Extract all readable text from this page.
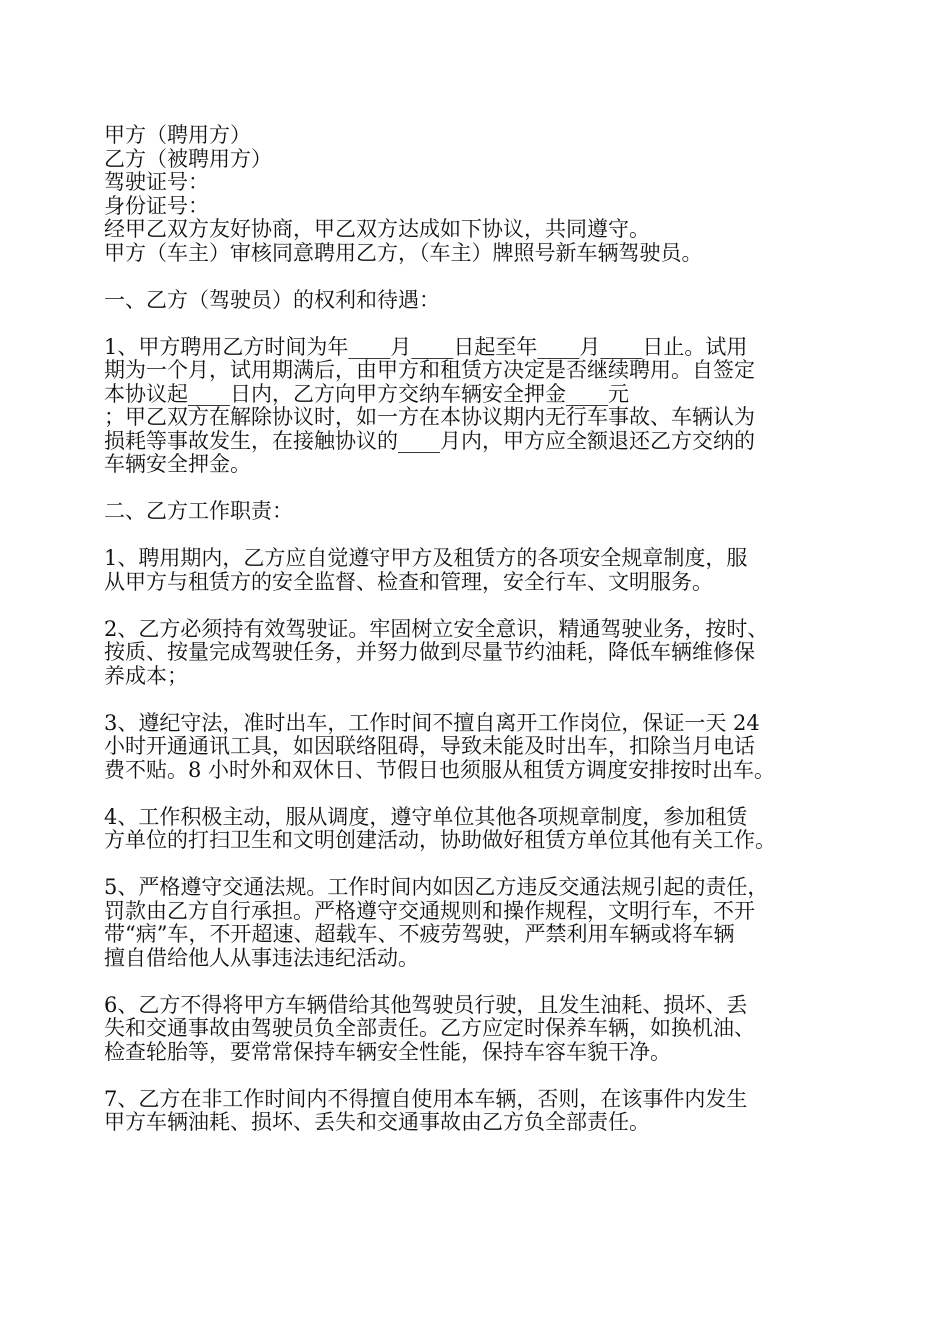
甲方（聘用方）
乙方（被聘用方）
驾驶证号：
身份证号：
经甲乙双方友好协商，甲乙双方达成如下协议，共同遵守。
甲方（车主）审核同意聘用乙方，（车主）牌照号新车辆驾驶员。
一、乙方（驾驶员）的权利和待遇：
1、甲方聘用乙方时间为年____月____日起至年____月____日止。试用
期为一个月，试用期满后，由甲方和租赁方决定是否继续聘用。自签定
本协议起____日内，乙方向甲方交纳车辆安全押金____元
；甲乙双方在解除协议时，如一方在本协议期内无行车事故、车辆认为
损耗等事故发生，在接触协议的____月内，甲方应全额退还乙方交纳的
车辆安全押金。
二、乙方工作职责：
1、聘用期内，乙方应自觉遵守甲方及租赁方的各项安全规章制度，服
从甲方与租赁方的安全监督、检查和管理，安全行车、文明服务。
2、乙方必须持有效驾驶证。牢固树立安全意识，精通驾驶业务，按时、
按质、按量完成驾驶任务，并努力做到尽量节约油耗，降低车辆维修保
养成本；
3、遵纪守法，准时出车，工作时间不擅自离开工作岗位，保证一天 24
小时开通通讯工具，如因联络阻碍，导致未能及时出车，扣除当月电话
费不贴。8 小时外和双休日、节假日也须服从租赁方调度安排按时出车。
4、工作积极主动，服从调度，遵守单位其他各项规章制度，参加租赁
方单位的打扫卫生和文明创建活动，协助做好租赁方单位其他有关工作。
5、严格遵守交通法规。工作时间内如因乙方违反交通法规引起的责任，
罚款由乙方自行承担。严格遵守交通规则和操作规程，文明行车，不开
带“病”车，不开超速、超载车、不疲劳驾驶，严禁利用车辆或将车辆
擅自借给他人从事违法违纪活动。
6、乙方不得将甲方车辆借给其他驾驶员行驶，且发生油耗、损坏、丢
失和交通事故由驾驶员负全部责任。乙方应定时保养车辆，如换机油、
检查轮胎等，要常常保持车辆安全性能，保持车容车貌干净。
7、乙方在非工作时间内不得擅自使用本车辆，否则，在该事件内发生
甲方车辆油耗、损坏、丢失和交通事故由乙方负全部责任。
